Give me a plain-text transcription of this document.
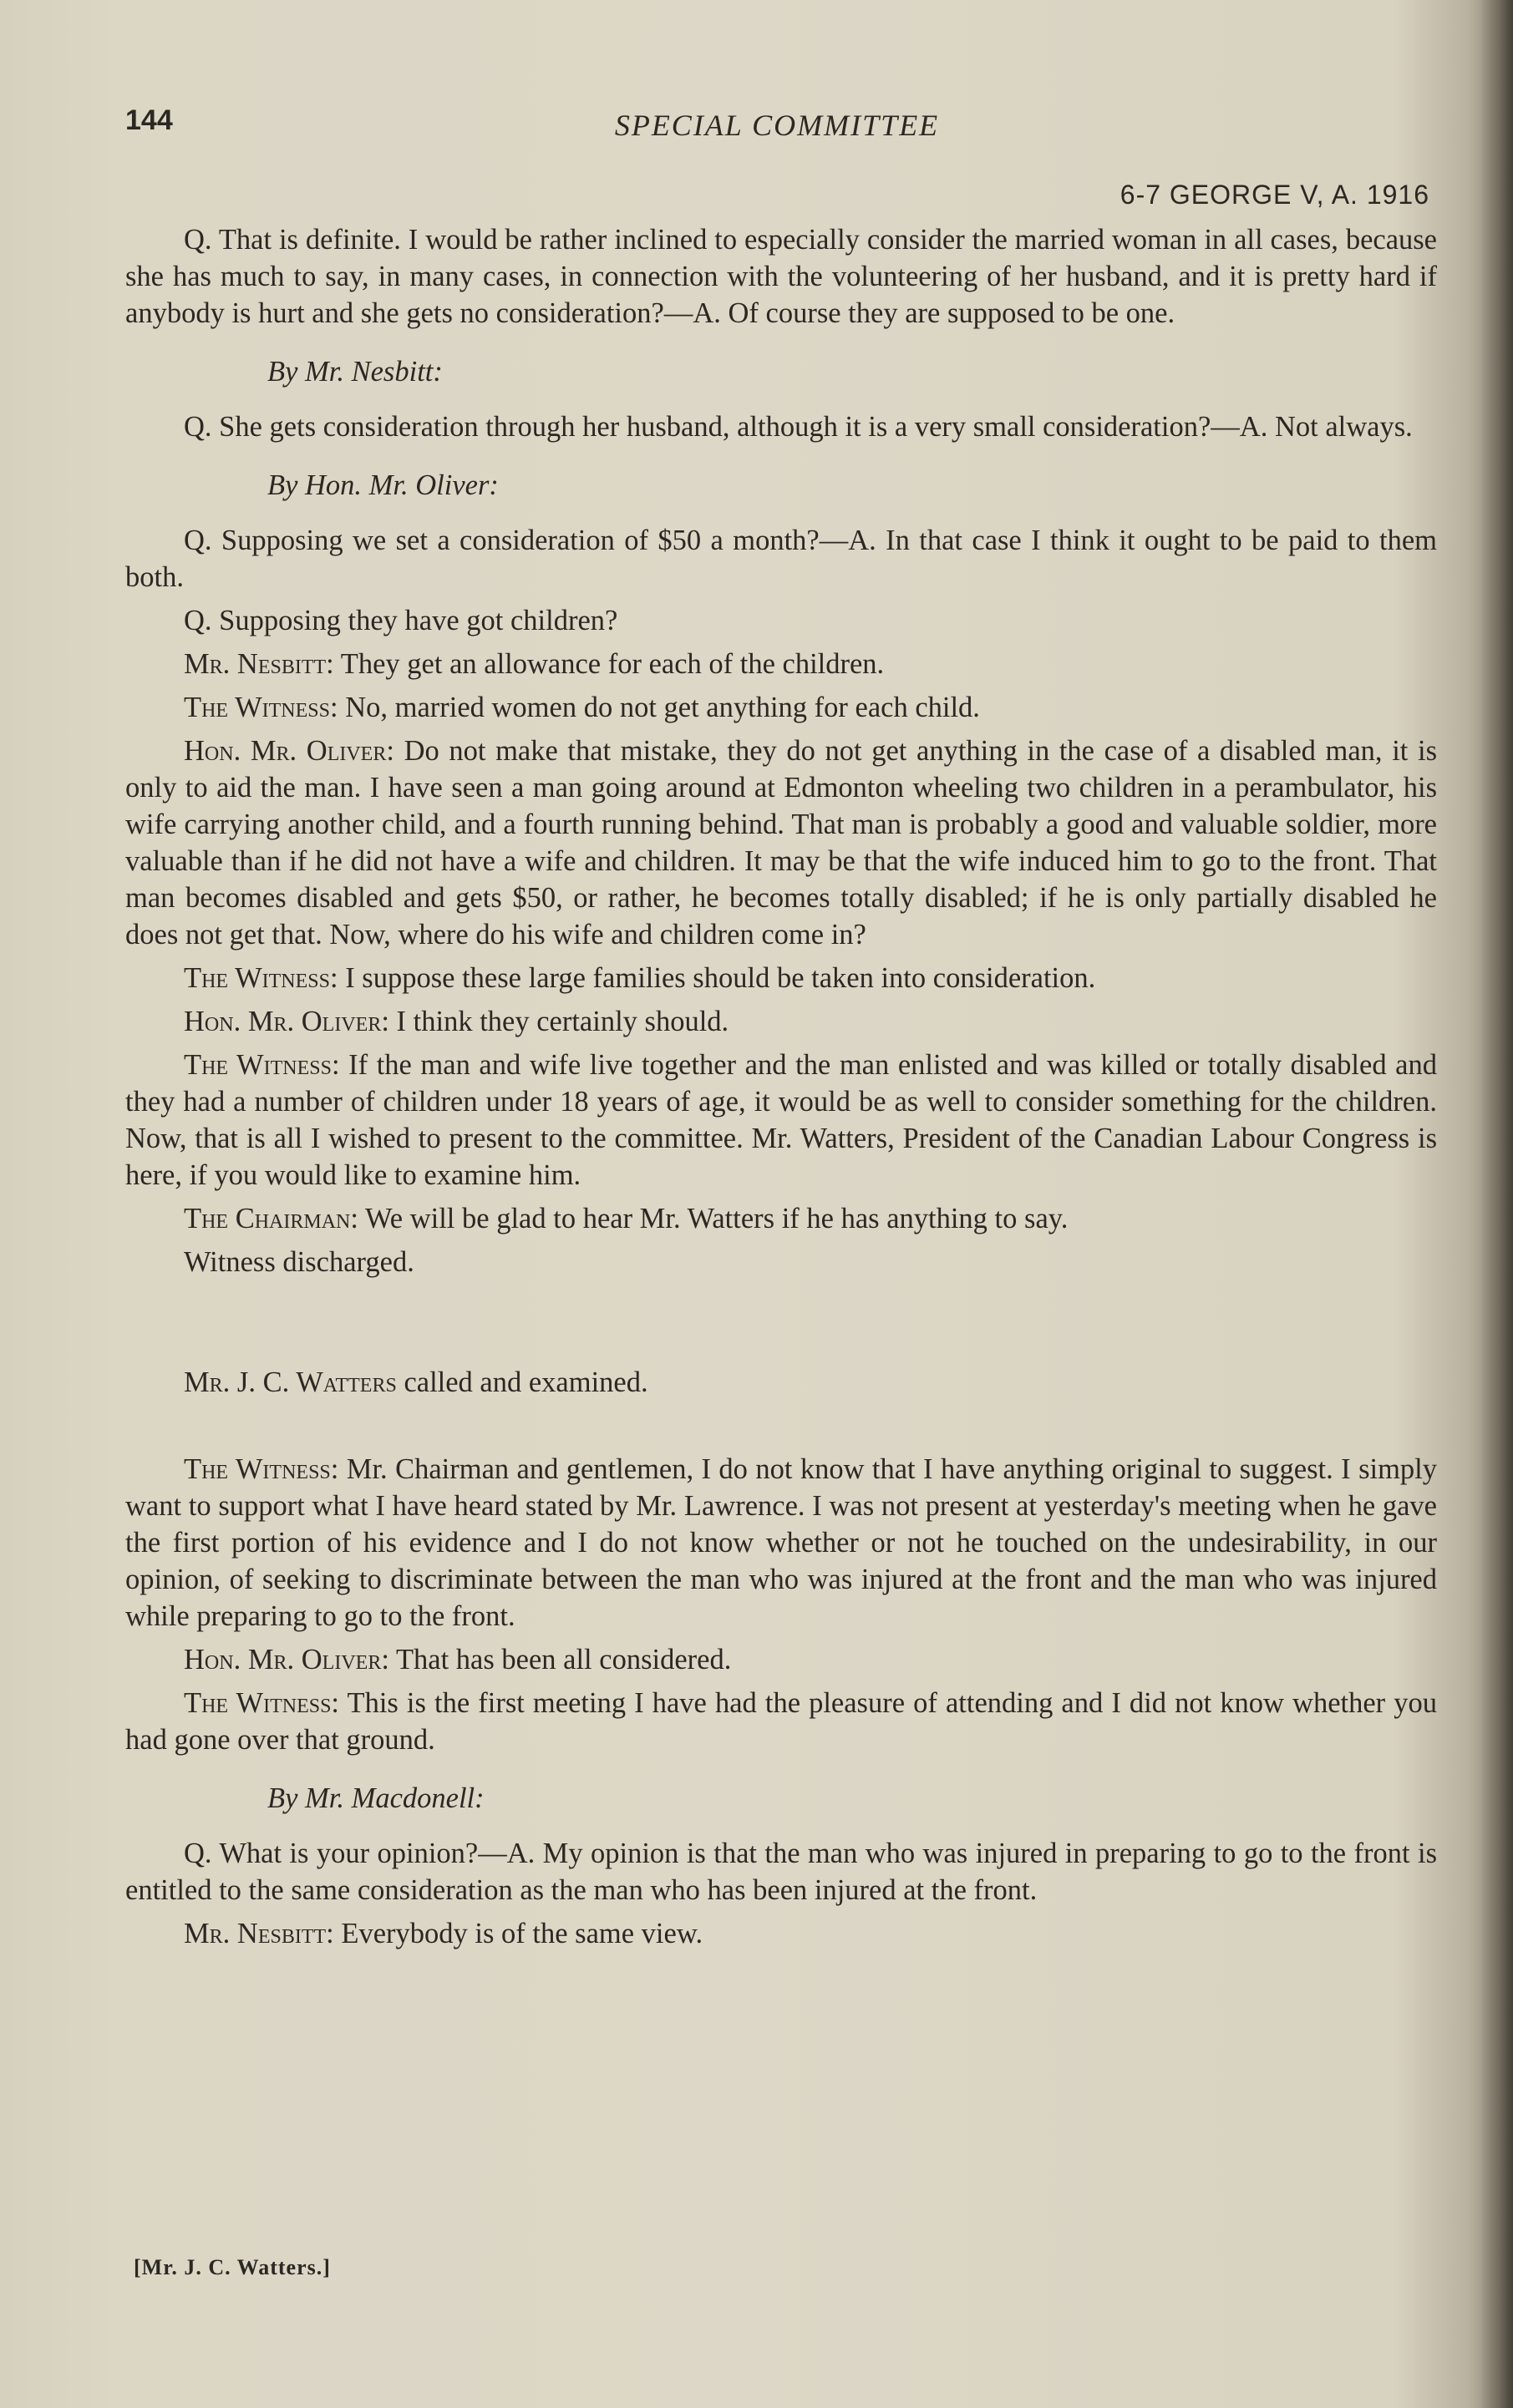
144	SPECIAL COMMITTEE
6-7 GEORGE V, A. 1916

Q. That is definite. I would be rather inclined to especially consider the married woman in all cases, because she has much to say, in many cases, in connection with the volunteering of her husband, and it is pretty hard if anybody is hurt and she gets no consideration?—A. Of course they are supposed to be one.

By Mr. Nesbitt:

Q. She gets consideration through her husband, although it is a very small consideration?—A. Not always.

By Hon. Mr. Oliver:

Q. Supposing we set a consideration of $50 a month?—A. In that case I think it ought to be paid to them both.

Q. Supposing they have got children?

Mr. Nesbitt: They get an allowance for each of the children.

The Witness: No, married women do not get anything for each child.

Hon. Mr. Oliver: Do not make that mistake, they do not get anything in the case of a disabled man, it is only to aid the man. I have seen a man going around at Edmonton wheeling two children in a perambulator, his wife carrying another child, and a fourth running behind. That man is probably a good and valuable soldier, more valuable than if he did not have a wife and children. It may be that the wife induced him to go to the front. That man becomes disabled and gets $50, or rather, he becomes totally disabled; if he is only partially disabled he does not get that. Now, where do his wife and children come in?

The Witness: I suppose these large families should be taken into consideration.

Hon. Mr. Oliver: I think they certainly should.

The Witness: If the man and wife live together and the man enlisted and was killed or totally disabled and they had a number of children under 18 years of age, it would be as well to consider something for the children. Now, that is all I wished to present to the committee. Mr. Watters, President of the Canadian Labour Congress is here, if you would like to examine him.

The Chairman: We will be glad to hear Mr. Watters if he has anything to say.

Witness discharged.

Mr. J. C. Watters called and examined.

The Witness: Mr. Chairman and gentlemen, I do not know that I have anything original to suggest. I simply want to support what I have heard stated by Mr. Lawrence. I was not present at yesterday's meeting when he gave the first portion of his evidence and I do not know whether or not he touched on the undesirability, in our opinion, of seeking to discriminate between the man who was injured at the front and the man who was injured while preparing to go to the front.

Hon. Mr. Oliver: That has been all considered.

The Witness: This is the first meeting I have had the pleasure of attending and I did not know whether you had gone over that ground.

By Mr. Macdonell:

Q. What is your opinion?—A. My opinion is that the man who was injured in preparing to go to the front is entitled to the same consideration as the man who has been injured at the front.

Mr. Nesbitt: Everybody is of the same view.

[Mr. J. C. Watters.]
